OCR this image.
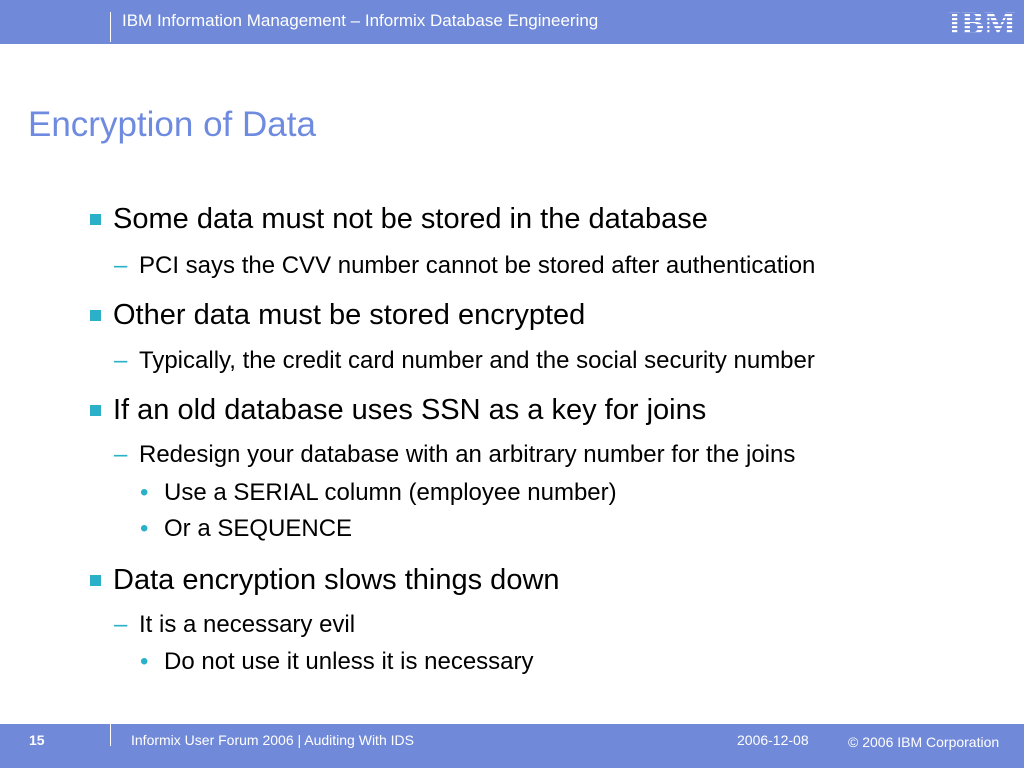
IBM Information Management – Informix Database Engineering	IBM
Encryption of Data
Some data must not be stored in the database
– PCI says the CVV number cannot be stored after authentication
Other data must be stored encrypted
– Typically, the credit card number and the social security number
If an old database uses SSN as a key for joins
– Redesign your database with an arbitrary number for the joins
• Use a SERIAL column (employee number)
• Or a SEQUENCE
Data encryption slows things down
– It is a necessary evil
• Do not use it unless it is necessary
15	Informix User Forum 2006 | Auditing With IDS	2006-12-08	© 2006 IBM Corporation
